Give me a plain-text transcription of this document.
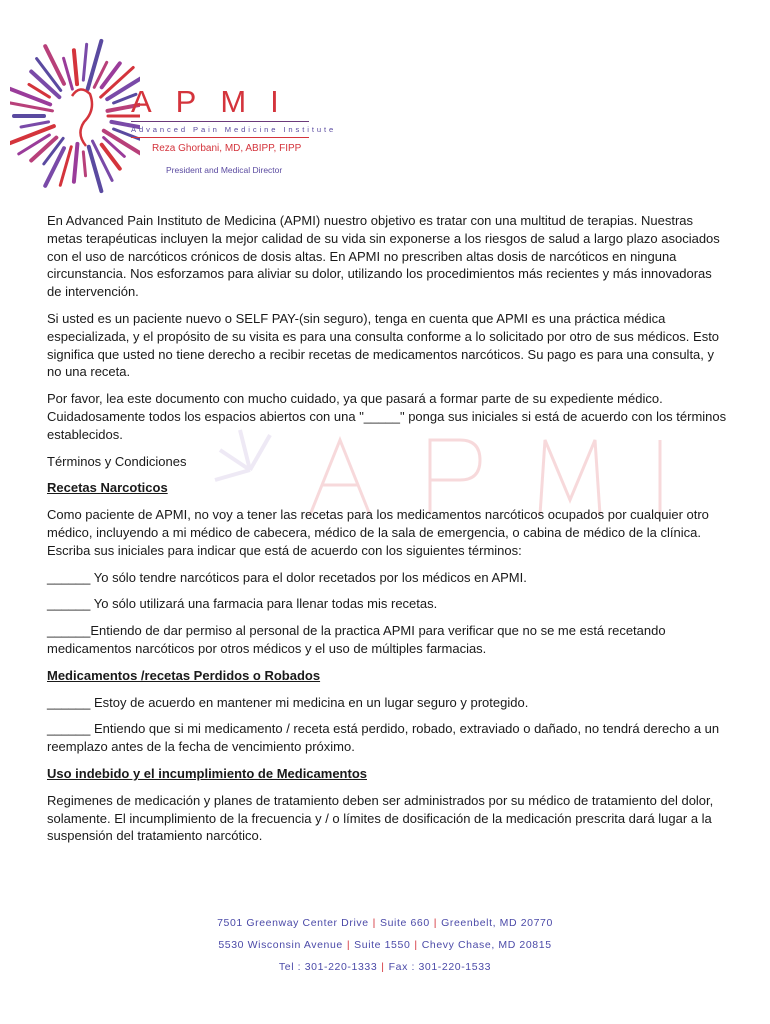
APMI
Advanced Pain Medicine Institute
Reza Ghorbani, MD, ABIPP, FIPP
President and Medical Director

En Advanced Pain Instituto de Medicina (APMI) nuestro objetivo es tratar con una multitud de terapias. Nuestras metas terapéuticas incluyen la mejor calidad de su vida sin exponerse a los riesgos de salud a largo plazo asociados con el uso de narcóticos crónicos de dosis altas. En APMI no prescriben altas dosis de narcóticos en ninguna circunstancia. Nos esforzamos para aliviar su dolor, utilizando los procedimientos más recientes y más innovadoras de intervención.

Si usted es un paciente nuevo o SELF PAY-(sin seguro), tenga en cuenta que APMI es una práctica médica especializada, y el propósito de su visita es para una consulta conforme a lo solicitado por otro de sus médicos. Esto significa que usted no tiene derecho a recibir recetas de medicamentos narcóticos. Su pago es para una consulta, y no una receta.

Por favor, lea este documento con mucho cuidado, ya que pasará a formar parte de su expediente médico. Cuidadosamente todos los espacios abiertos con una "_____" ponga sus iniciales si está de acuerdo con los términos establecidos.

Términos y Condiciones

Recetas Narcoticos

Como paciente de APMI, no voy a tener las recetas para los medicamentos narcóticos ocupados por cualquier otro médico, incluyendo a mi médico de cabecera, médico de la sala de emergencia, o cabina de médico de la clínica. Escriba sus iniciales para indicar que está de acuerdo con los siguientes términos:

______ Yo sólo tendre narcóticos para el dolor recetados por los médicos en APMI.

______ Yo sólo utilizará una farmacia para llenar todas mis recetas.

______Entiendo de dar permiso al personal de la practica APMI para verificar que no se me está recetando medicamentos narcóticos por otros médicos y el uso de múltiples farmacias.

Medicamentos /recetas Perdidos o Robados

______ Estoy de acuerdo en mantener mi medicina en un lugar seguro y protegido.

______ Entiendo que si mi medicamento / receta está perdido, robado, extraviado o dañado, no tendrá derecho a un reemplazo antes de la fecha de vencimiento próximo.

Uso indebido y el incumplimiento de Medicamentos

Regimenes de medicación y planes de tratamiento deben ser administrados por su médico de tratamiento del dolor, solamente. El incumplimiento de la frecuencia y / o límites de dosificación de la medicación prescrita dará lugar a la suspensión del tratamiento narcótico.

7501 Greenway Center Drive | Suite 660 | Greenbelt, MD 20770
5530 Wisconsin Avenue | Suite 1550 | Chevy Chase, MD 20815
Tel : 301-220-1333 | Fax : 301-220-1533
